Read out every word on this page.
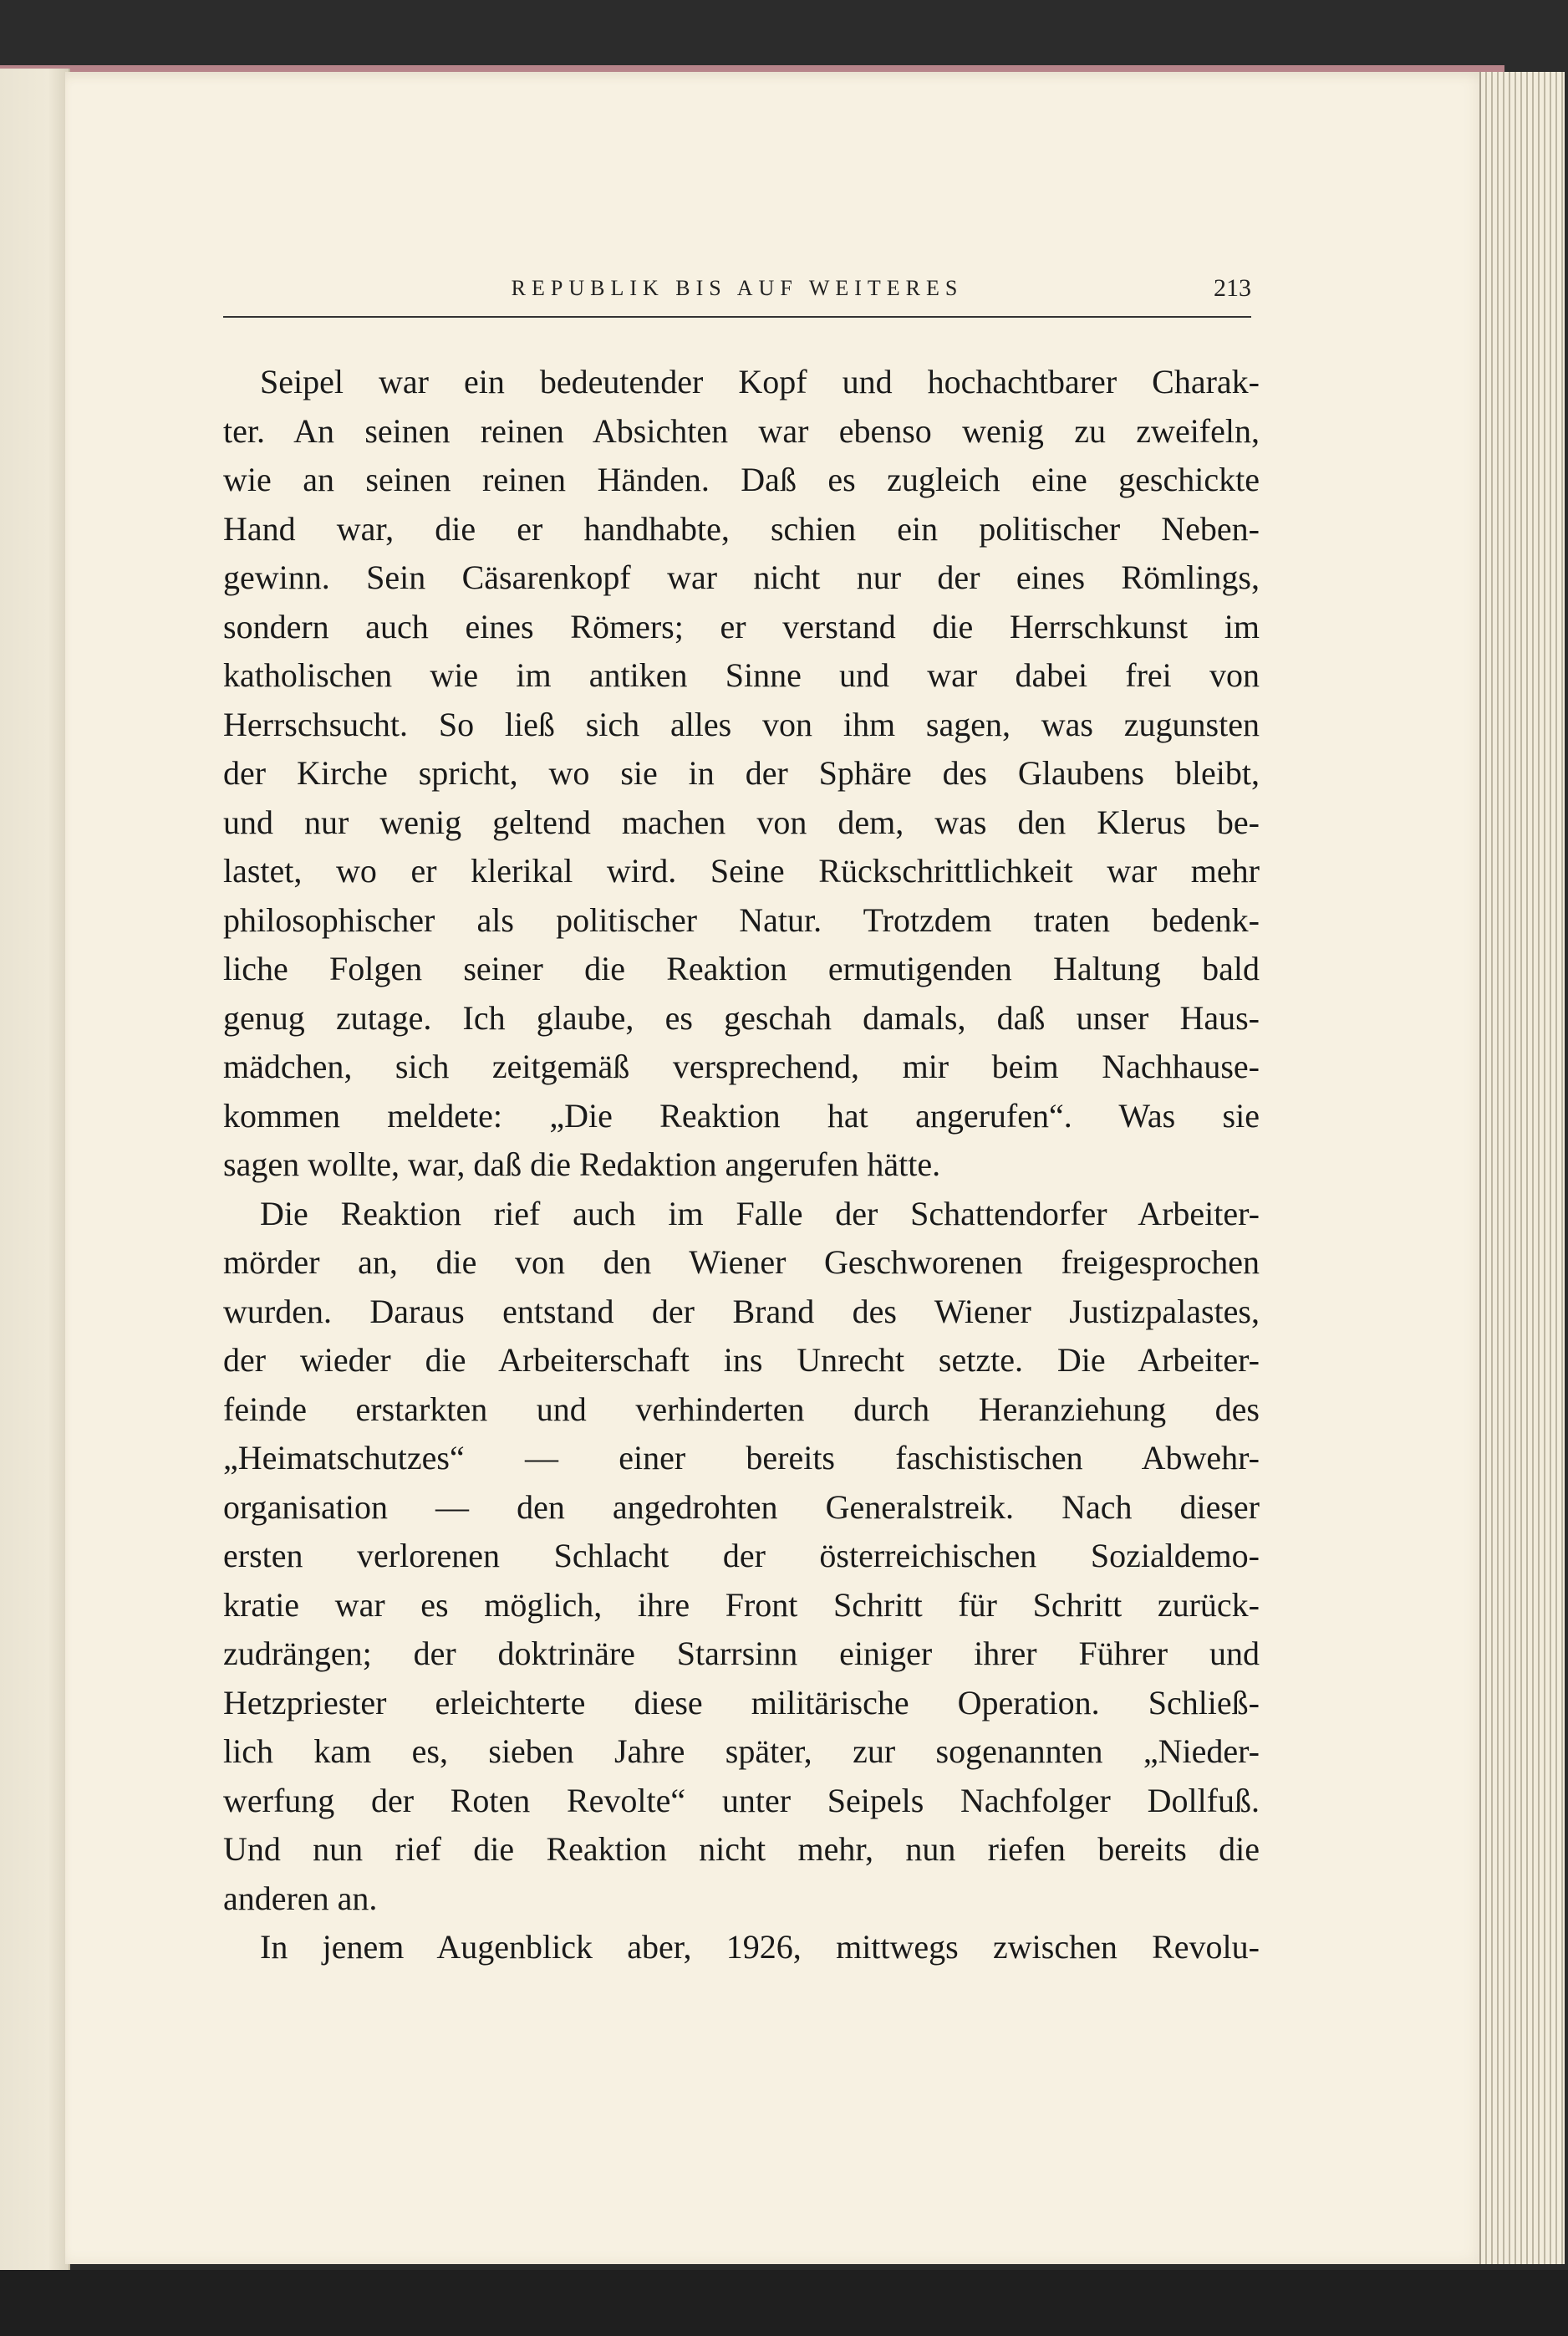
REPUBLIK BIS AUF WEITERES	213
Seipel war ein bedeutender Kopf und hochachtbarer Charak-
ter. An seinen reinen Absichten war ebenso wenig zu zweifeln,
wie an seinen reinen Händen. Daß es zugleich eine geschickte
Hand war, die er handhabte, schien ein politischer Neben-
gewinn. Sein Cäsarenkopf war nicht nur der eines Römlings,
sondern auch eines Römers; er verstand die Herrschkunst im
katholischen wie im antiken Sinne und war dabei frei von
Herrschsucht. So ließ sich alles von ihm sagen, was zugunsten
der Kirche spricht, wo sie in der Sphäre des Glaubens bleibt,
und nur wenig geltend machen von dem, was den Klerus be-
lastet, wo er klerikal wird. Seine Rückschrittlichkeit war mehr
philosophischer als politischer Natur. Trotzdem traten bedenk-
liche Folgen seiner die Reaktion ermutigenden Haltung bald
genug zutage. Ich glaube, es geschah damals, daß unser Haus-
mädchen, sich zeitgemäß versprechend, mir beim Nachhause-
kommen meldete: „Die Reaktion hat angerufen“. Was sie
sagen wollte, war, daß die Redaktion angerufen hätte.
Die Reaktion rief auch im Falle der Schattendorfer Arbeiter-
mörder an, die von den Wiener Geschworenen freigesprochen
wurden. Daraus entstand der Brand des Wiener Justizpalastes,
der wieder die Arbeiterschaft ins Unrecht setzte. Die Arbeiter-
feinde erstarkten und verhinderten durch Heranziehung des
„Heimatschutzes“ — einer bereits faschistischen Abwehr-
organisation — den angedrohten Generalstreik. Nach dieser
ersten verlorenen Schlacht der österreichischen Sozialdemo-
kratie war es möglich, ihre Front Schritt für Schritt zurück-
zudrängen; der doktrinäre Starrsinn einiger ihrer Führer und
Hetzpriester erleichterte diese militärische Operation. Schließ-
lich kam es, sieben Jahre später, zur sogenannten „Nieder-
werfung der Roten Revolte“ unter Seipels Nachfolger Dollfuß.
Und nun rief die Reaktion nicht mehr, nun riefen bereits die
anderen an.
In jenem Augenblick aber, 1926, mittwegs zwischen Revolu-
